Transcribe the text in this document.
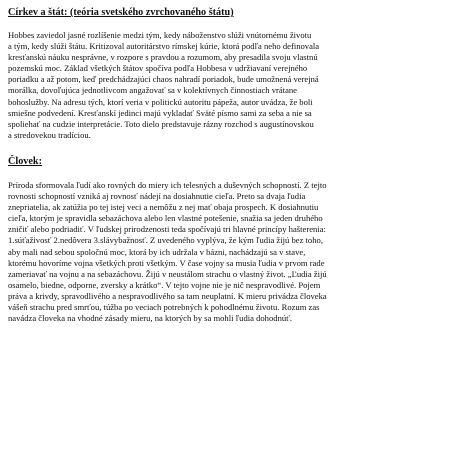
Církev a štát: (teória svetského zvrchovaného štátu)

Hobbes zaviedol jasné rozlíšenie medzi tým, kedy náboženstvo slúži vnútornému životu
a tým, kedy slúži štátu. Kritizoval autoritárstvo rímskej kúrie, ktorá podľa neho definovala
kresťanskú náuku nesprávne, v rozpore s pravdou a rozumom, aby presadila svoju vlastnú
pozemskú moc. Základ všetkých štátov spočíva podľa Hobbesa v udržiavaní verejného
poriadku a až potom, keď predchádzajúci chaos nahradí poriadok, bude umožnená verejná
morálka, dovoľujúca jednotlivcom angažovať sa v kolektívnych činnostiach vrátane
bohoslužby. Na adresu tých, ktorí veria v politickú autoritu pápeža, autor uvádza, že boli
smiešne podvedení. Kresťanskí jedinci majú vykladať Sväté písmo sami za seba a nie sa
spoliehať na cudzie interpretácie. Toto dielo predstavuje rázny rozchod s augustínovskou
a stredovekou tradíciou.

Človek:

Príroda sformovala ľudí ako rovných do miery ich telesných a duševných schopností. Z tejto
rovnosti schopností vzniká aj rovnosť nádejí na dosiahnutie cieľa. Preto sa dvaja ľudia
znepriatelia, ak zatúžia po tej istej veci a nemôžu z nej mať obaja prospech. K dosiahnutiu
cieľa, ktorým je spravidla sebazáchova alebo len vlastné potešenie, snažia sa jeden druhého
zničiť alebo podriadiť. V ľudskej prirodzenosti teda spočívajú tri hlavné princípy hašterenia:
1.súťaživosť 2.nedôvera 3.slávybažnosť. Z uvedeného vyplýva, že kým ľudia žijú bez toho,
aby mali nad sebou spoločnú moc, ktorá by ich udržala v bázni, nachádzajú sa v stave,
ktorému hovoríme vojna všetkých proti všetkým. V čase vojny sa musia ľudia v prvom rade
zameriavať na vojnu a na sebazáchovu. Žijú v neustálom strachu o vlastný život. „Ľudia žijú
osamelo, biedne, odporne, zversky a krátko“. V tejto vojne nie je nič nespravodlivé. Pojem
práva a krivdy, spravodlivého a nespravodlivého sa tam neuplatní. K mieru privádza človeka
vášeň strachu pred smrťou, túžba po veciach potrebných k pohodlnému životu. Rozum zas
navádza človeka na vhodné zásady mieru, na ktorých by sa mohli ľudia dohodnúť.
